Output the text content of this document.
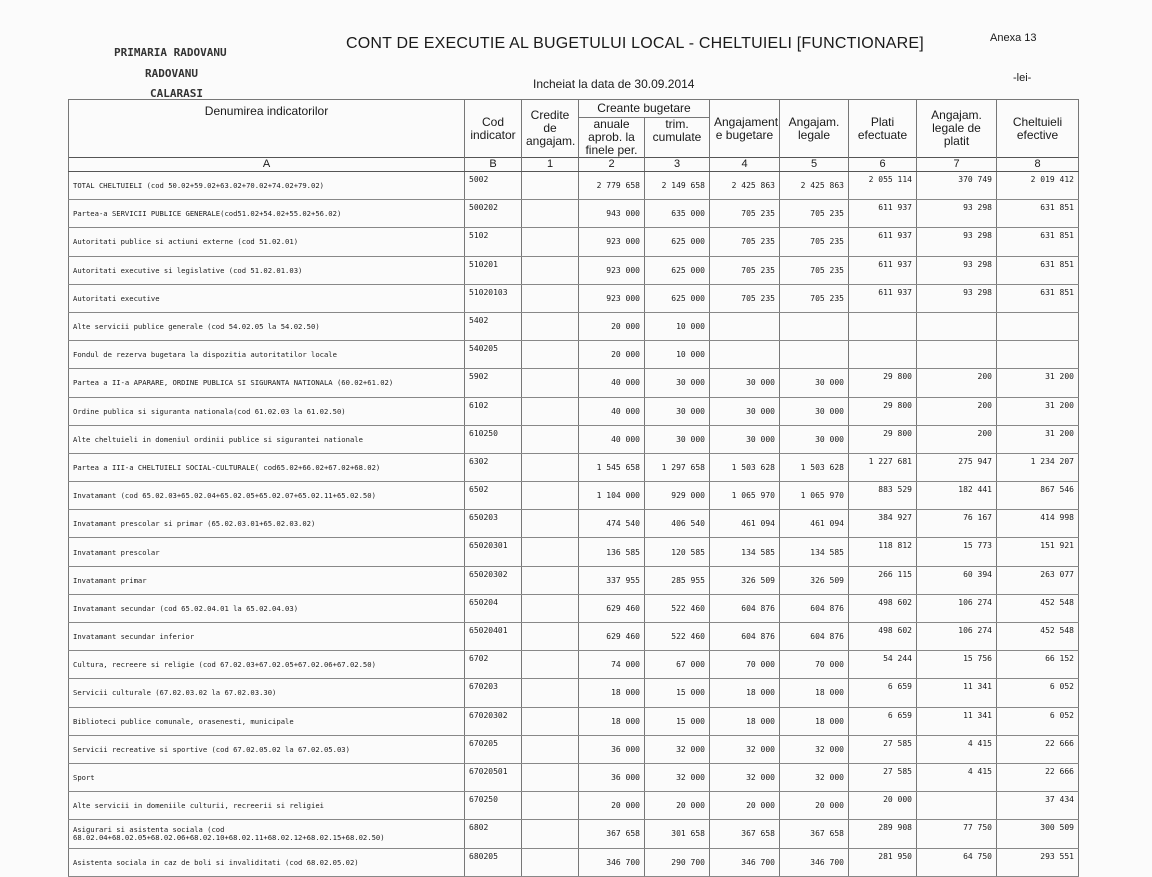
PRIMARIA RADOVANU
RADOVANU
CALARASI
CONT DE EXECUTIE AL BUGETULUI LOCAL - CHELTUIELI [FUNCTIONARE]	Anexa 13
Incheiat la data de 30.09.2014	-lei-
Denumirea indicatorilor	Cod indicator	Credite de angajam.	Creante bugetare		Angajament e bugetare	Angajam. legale	Plati efectuate	Angajam. legale de platit	Cheltuieli efective
			anuale aprob. la finele per.	trim. cumulate					
A	B	1	2	3	4	5	6	7	8
TOTAL CHELTUIELI (cod 50.02+59.02+63.02+70.02+74.02+79.02)	5002		2 779 658	2 149 658	2 425 863	2 425 863	2 055 114	370 749	2 019 412
Partea-a SERVICII PUBLICE GENERALE(cod51.02+54.02+55.02+56.02)	500202		943 000	635 000	705 235	705 235	611 937	93 298	631 851
Autoritati publice si actiuni externe (cod 51.02.01)	5102		923 000	625 000	705 235	705 235	611 937	93 298	631 851
Autoritati executive si legislative (cod 51.02.01.03)	510201		923 000	625 000	705 235	705 235	611 937	93 298	631 851
Autoritati executive	51020103		923 000	625 000	705 235	705 235	611 937	93 298	631 851
Alte servicii publice generale (cod 54.02.05 la 54.02.50)	5402		20 000	10 000					
Fondul de rezerva bugetara la dispozitia autoritatilor locale	540205		20 000	10 000					
Partea a II-a APARARE, ORDINE PUBLICA SI SIGURANTA NATIONALA (60.02+61.02)	5902		40 000	30 000	30 000	30 000	29 800	200	31 200
Ordine publica si siguranta nationala(cod 61.02.03 la 61.02.50)	6102		40 000	30 000	30 000	30 000	29 800	200	31 200
Alte cheltuieli in domeniul ordinii publice si sigurantei nationale	610250		40 000	30 000	30 000	30 000	29 800	200	31 200
Partea a III-a CHELTUIELI SOCIAL-CULTURALE( cod65.02+66.02+67.02+68.02)	6302		1 545 658	1 297 658	1 503 628	1 503 628	1 227 681	275 947	1 234 207
Invatamant (cod 65.02.03+65.02.04+65.02.05+65.02.07+65.02.11+65.02.50)	6502		1 104 000	929 000	1 065 970	1 065 970	883 529	182 441	867 546
Invatamant prescolar si primar (65.02.03.01+65.02.03.02)	650203		474 540	406 540	461 094	461 094	384 927	76 167	414 998
Invatamant prescolar	65020301		136 585	120 585	134 585	134 585	118 812	15 773	151 921
Invatamant primar	65020302		337 955	285 955	326 509	326 509	266 115	60 394	263 077
Invatamant secundar (cod 65.02.04.01 la 65.02.04.03)	650204		629 460	522 460	604 876	604 876	498 602	106 274	452 548
Invatamant secundar inferior	65020401		629 460	522 460	604 876	604 876	498 602	106 274	452 548
Cultura, recreere si religie (cod 67.02.03+67.02.05+67.02.06+67.02.50)	6702		74 000	67 000	70 000	70 000	54 244	15 756	66 152
Servicii culturale (67.02.03.02 la 67.02.03.30)	670203		18 000	15 000	18 000	18 000	6 659	11 341	6 052
Biblioteci publice comunale, orasenesti, municipale	67020302		18 000	15 000	18 000	18 000	6 659	11 341	6 052
Servicii recreative si sportive (cod 67.02.05.02 la 67.02.05.03)	670205		36 000	32 000	32 000	32 000	27 585	4 415	22 666
Sport	67020501		36 000	32 000	32 000	32 000	27 585	4 415	22 666
Alte servicii in domeniile culturii, recreerii si religiei	670250		20 000	20 000	20 000	20 000	20 000		37 434
Asigurari si asistenta sociala (cod 68.02.04+68.02.05+68.02.06+68.02.10+68.02.11+68.02.12+68.02.15+68.02.50)	6802		367 658	301 658	367 658	367 658	289 908	77 750	300 509
Asistenta sociala in caz de boli si invaliditati (cod 68.02.05.02)	680205		346 700	290 700	346 700	346 700	281 950	64 750	293 551
